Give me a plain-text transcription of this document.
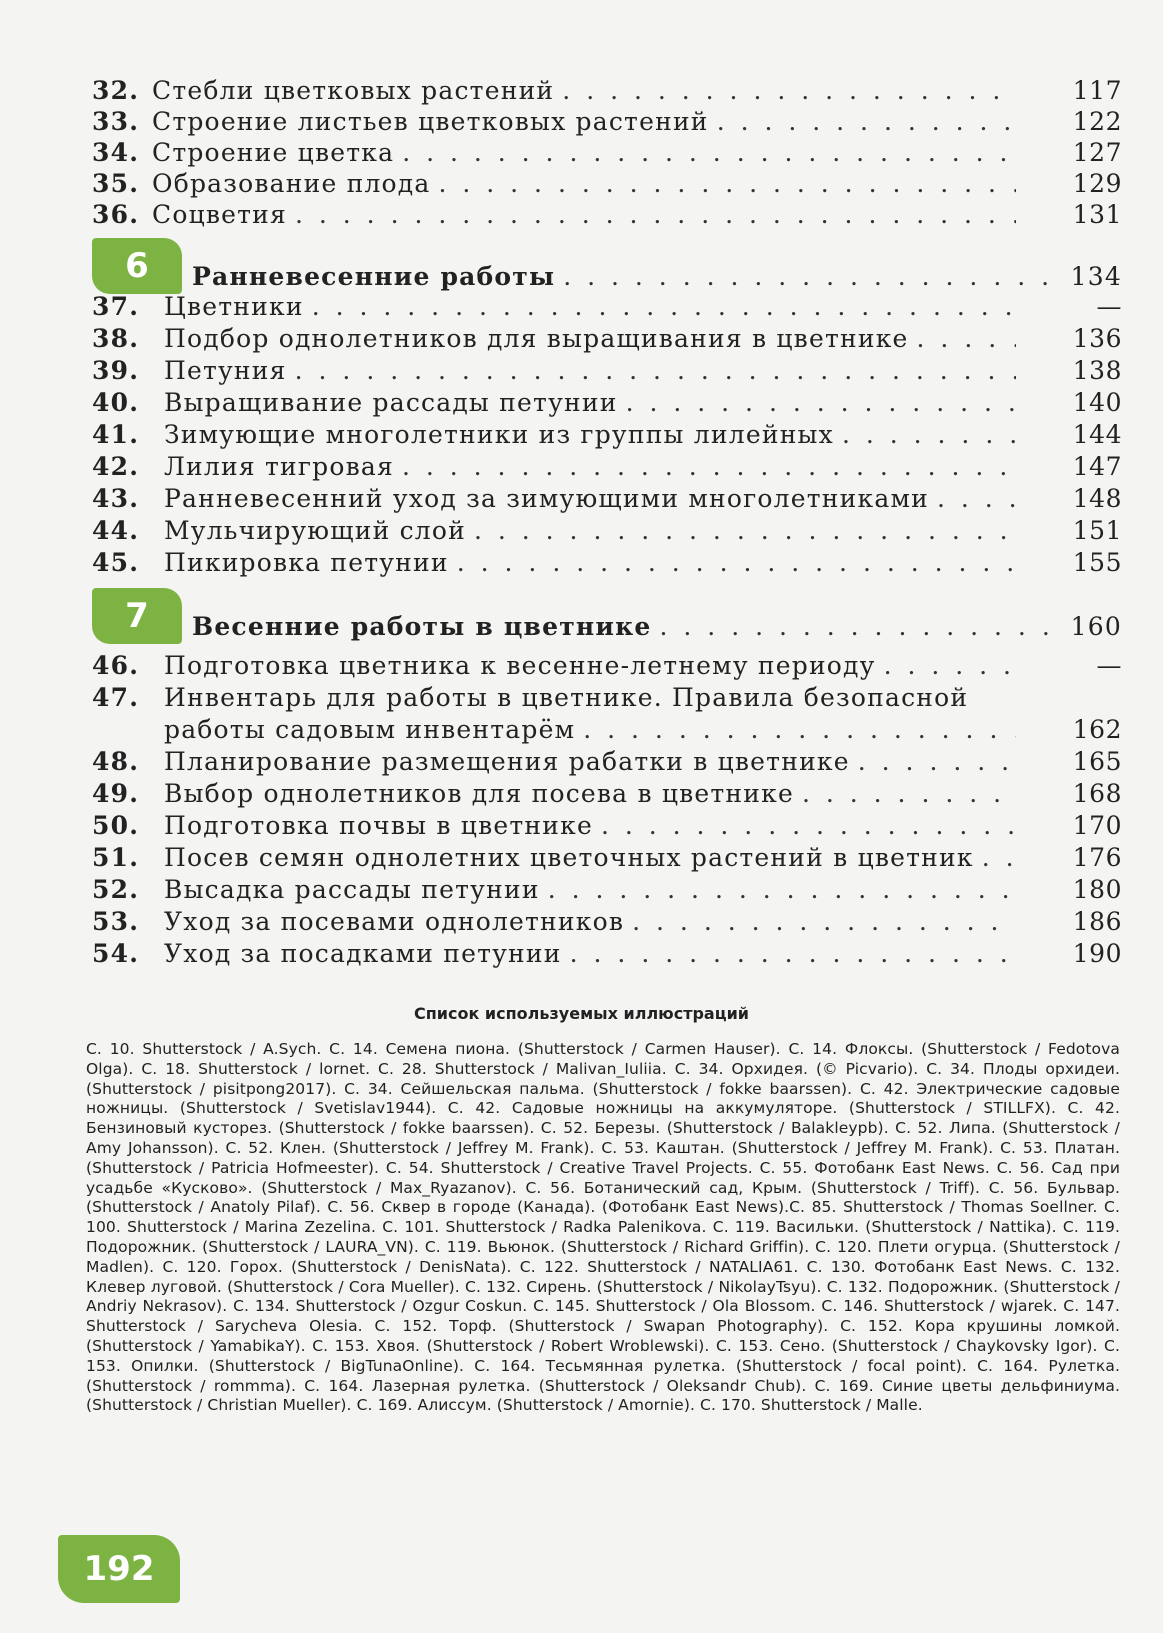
32. Стебли цветковых растений . . .	117
33. Строение листьев цветковых растений . . .	122
34. Строение цветка . . .	127
35. Образование плода . . .	129
36. Соцветия . . .	131
6	Ранневесенние работы . . .	134
37. Цветники . . .	—
38. Подбор однолетников для выращивания в цветнике . . .	136
39. Петуния . . .	138
40. Выращивание рассады петунии . . .	140
41. Зимующие многолетники из группы лилейных . . .	144
42. Лилия тигровая . . .	147
43. Ранневесенний уход за зимующими многолетниками . . .	148
44. Мульчирующий слой . . .	151
45. Пикировка петунии . . .	155
7	Весенние работы в цветнике . . .	160
46. Подготовка цветника к весенне-летнему периоду . . .	—
47. Инвентарь для работы в цветнике. Правила безопасной
работы садовым инвентарём . . .	162
48. Планирование размещения рабатки в цветнике . . .	165
49. Выбор однолетников для посева в цветнике . . .	168
50. Подготовка почвы в цветнике . . .	170
51. Посев семян однолетних цветочных растений в цветник . . .	176
52. Высадка рассады петунии . . .	180
53. Уход за посевами однолетников . . .	186
54. Уход за посадками петунии . . .	190
Список используемых иллюстраций
С. 10. Shutterstock / A.Sych. С. 14. Семена пиона. (Shutterstock / Carmen Hauser). С. 14. Флоксы. (Shutterstock / Fedotova Olga). С. 18. Shutterstock / lornet. С. 28. Shutterstock / Malivan_Iuliia. С. 34. Орхидея. (© Picvario). С. 34. Плоды орхидеи. (Shutterstock / pisitpong2017). С. 34. Сейшельская пальма. (Shutterstock / fokke baarssen). С. 42. Электрические садовые ножницы. (Shutterstock / Svetislav1944). С. 42. Садовые ножницы на аккумуляторе. (Shutterstock / STILLFX). С. 42. Бензиновый кусторез. (Shutterstock / fokke baarssen). С. 52. Березы. (Shutterstock / Balakleypb). С. 52. Липа. (Shutterstock / Amy Johansson). С. 52. Клен. (Shutterstock / Jeffrey M. Frank). С. 53. Каштан. (Shutterstock / Jeffrey M. Frank). С. 53. Платан. (Shutterstock / Patricia Hofmeester). С. 54. Shutterstock / Creative Travel Projects. С. 55. Фотобанк East News. С. 56. Сад при усадьбе «Кусково». (Shutterstock / Max_Ryazanov). С. 56. Ботанический сад, Крым. (Shutterstock / Triff). С. 56. Бульвар. (Shutterstock / Anatoly Pilaf). С. 56. Сквер в городе (Канада). (Фотобанк East News).С. 85. Shutterstock / Thomas Soellner. С. 100. Shutterstock / Marina Zezelina. С. 101. Shutterstock / Radka Palenikova. С. 119. Васильки. (Shutterstock / Nattika). С. 119. Подорожник. (Shutterstock / LAURA_VN). С. 119. Вьюнок. (Shutterstock / Richard Griffin). С. 120. Плети огурца. (Shutterstock / Madlen). С. 120. Горох. (Shutterstock / DenisNata). С. 122. Shutterstock / NATALIA61. С. 130. Фотобанк East News. С. 132. Клевер луговой. (Shutterstock / Cora Mueller). С. 132. Сирень. (Shutterstock / NikolayTsyu). С. 132. Подорожник. (Shutterstock / Andriy Nekrasov). С. 134. Shutterstock / Ozgur Coskun. С. 145. Shutterstock / Ola Blossom. С. 146. Shutterstock / wjarek. С. 147. Shutterstock / Sarycheva Olesia. С. 152. Торф. (Shutterstock / Swapan Photography). С. 152. Кора крушины ломкой. (Shutterstock / YamabikaY). С. 153. Хвоя. (Shutterstock / Robert Wroblewski). С. 153. Сено. (Shutterstock / Chaykovsky Igor). С. 153. Опилки. (Shutterstock / BigTunaOnline). С. 164. Тесьмянная рулетка. (Shutterstock / focal point). С. 164. Рулетка. (Shutterstock / rommma). С. 164. Лазерная рулетка. (Shutterstock / Oleksandr Chub). С. 169. Синие цветы дельфиниума. (Shutterstock / Christian Mueller). С. 169. Алиссум. (Shutterstock / Amornie). С. 170. Shutterstock / Malle.
192
